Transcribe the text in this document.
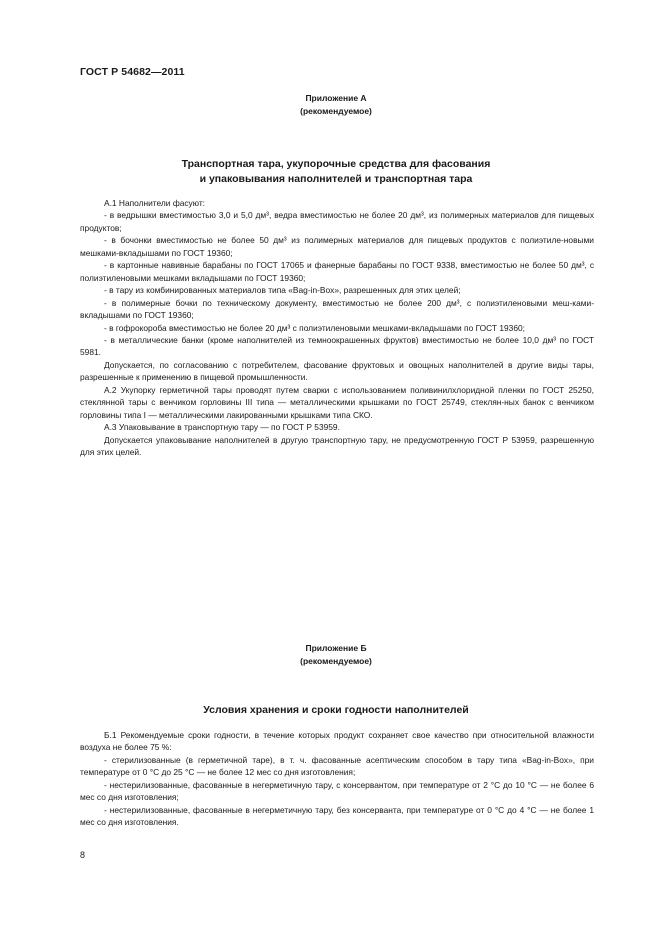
ГОСТ Р 54682—2011
Приложение А
(рекомендуемое)
Транспортная тара, укупорочные средства для фасования
и упаковывания наполнителей и транспортная тара

А.1 Наполнители фасуют:

- в ведрышки вместимостью 3,0 и 5,0 дм³, ведра вместимостью не более 20 дм³, из полимерных материалов для пищевых продуктов;

- в бочонки вместимостью не более 50 дм³ из полимерных материалов для пищевых продуктов с полиэтиле-новыми мешками-вкладышами по ГОСТ 19360;

- в картонные навивные барабаны по ГОСТ 17065 и фанерные барабаны по ГОСТ 9338, вместимостью не более 50 дм³, с полиэтиленовыми мешками вкладышами по ГОСТ 19360;

- в тару из комбинированных материалов типа «Bag-in-Box», разрешенных для этих целей;

- в полимерные бочки по техническому документу, вместимостью не более 200 дм³, с полиэтиленовыми меш-ками-вкладышами по ГОСТ 19360;

- в гофрокороба вместимостью не более 20 дм³ с полиэтиленовыми мешками-вкладышами по ГОСТ 19360;

- в металлические банки (кроме наполнителей из темноокрашенных фруктов) вместимостью не более 10,0 дм³ по ГОСТ 5981.

Допускается, по согласованию с потребителем, фасование фруктовых и овощных наполнителей в другие виды тары, разрешенные к применению в пищевой промышленности.

А.2 Укупорку герметичной тары проводят путем сварки с использованием поливинилхлоридной пленки по ГОСТ 25250, стеклянной тары с венчиком горловины III типа — металлическими крышками по ГОСТ 25749, стеклян-ных банок с венчиком горловины типа I — металлическими лакированными крышками типа СКО.

А.3 Упаковывание в транспортную тару — по ГОСТ Р 53959.

Допускается упаковывание наполнителей в другую транспортную тару, не предусмотренную ГОСТ Р 53959, разрешенную для этих целей.

Приложение Б
(рекомендуемое)
Условия хранения и сроки годности наполнителей

Б.1 Рекомендуемые сроки годности, в течение которых продукт сохраняет свое качество при относительной влажности воздуха не более 75 %:

- стерилизованные (в герметичной таре), в т. ч. фасованные асептическим способом в тару типа «Bag-in-Box», при температуре от 0 °С до 25 °С — не более 12 мес со дня изготовления;

- нестерилизованные, фасованные в негерметичную тару, с консервантом, при температуре от 2 °С до 10 °С — не более 6 мес со дня изготовления;

- нестерилизованные, фасованные в негерметичную тару, без консерванта, при температуре от 0 °С до 4 °С — не более 1 мес со дня изготовления.

8
